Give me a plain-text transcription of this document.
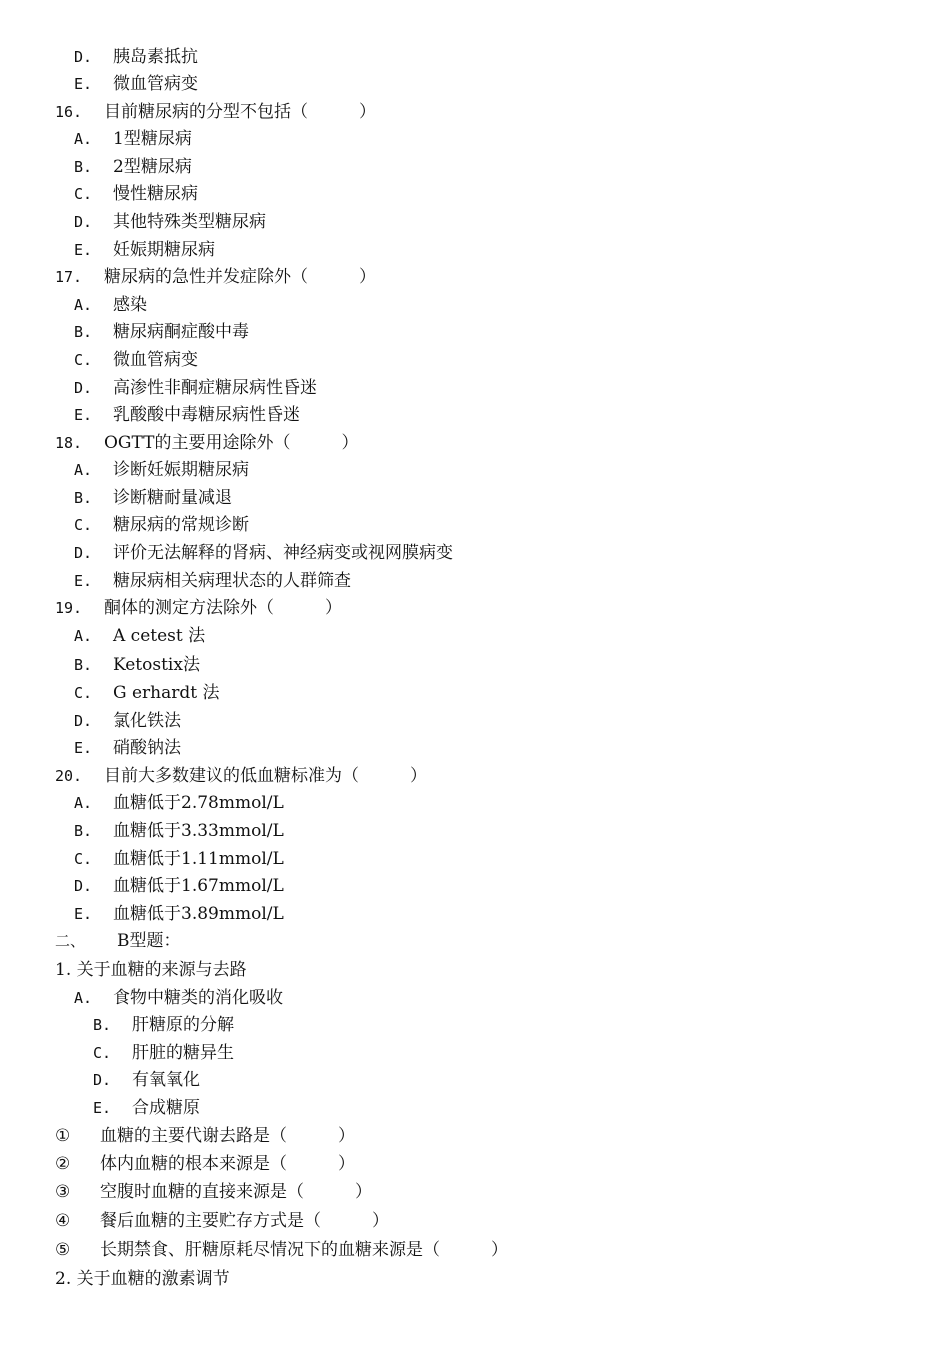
D. 胰岛素抵抗
E. 微血管病变
16. 目前糖尿病的分型不包括（　　　）
A. 1型糖尿病
B. 2型糖尿病
C. 慢性糖尿病
D. 其他特殊类型糖尿病
E. 妊娠期糖尿病
17. 糖尿病的急性并发症除外（　　　）
A. 感染
B. 糖尿病酮症酸中毒
C. 微血管病变
D. 高渗性非酮症糖尿病性昏迷
E. 乳酸酸中毒糖尿病性昏迷
18. OGTT的主要用途除外（　　　）
A. 诊断妊娠期糖尿病
B. 诊断糖耐量减退
C. 糖尿病的常规诊断
D. 评价无法解释的肾病、神经病变或视网膜病变
E. 糖尿病相关病理状态的人群筛查
19. 酮体的测定方法除外（　　　）
A. A cetest 法
B. Ketostix法
C. G erhardt 法
D. 氯化铁法
E. 硝酸钠法
20. 目前大多数建议的低血糖标准为（　　　）
A. 血糖低于2.78mmol/L
B. 血糖低于3.33mmol/L
C. 血糖低于1.11mmol/L
D. 血糖低于1.67mmol/L
E. 血糖低于3.89mmol/L
二、 B型题：
1. 关于血糖的来源与去路
A. 食物中糖类的消化吸收
B. 肝糖原的分解
C. 肝脏的糖异生
D. 有氧氧化
E. 合成糖原
① 血糖的主要代谢去路是（　　　）
② 体内血糖的根本来源是（　　　）
③ 空腹时血糖的直接来源是（　　　）
④ 餐后血糖的主要贮存方式是（　　　）
⑤ 长期禁食、肝糖原耗尽情况下的血糖来源是（　　　）
2. 关于血糖的激素调节
